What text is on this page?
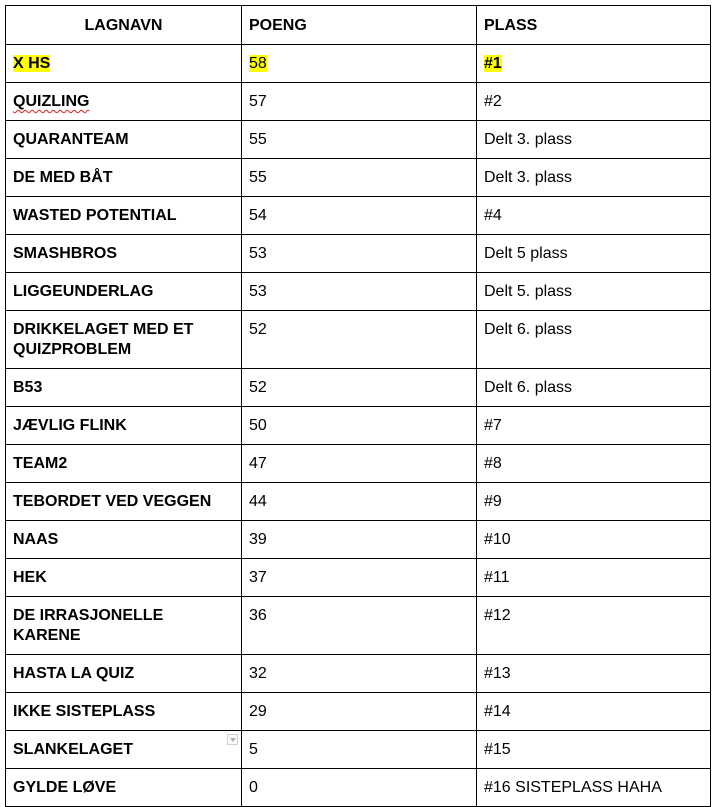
LAGNAVN	POENG	PLASS
X HS	58	#1
QUIZLING	57	#2
QUARANTEAM	55	Delt 3. plass
DE MED BÅT	55	Delt 3. plass
WASTED POTENTIAL	54	#4
SMASHBROS	53	Delt 5 plass
LIGGEUNDERLAG	53	Delt 5. plass
DRIKKELAGET MED ET QUIZPROBLEM	52	Delt 6. plass
B53	52	Delt 6. plass
JÆVLIG FLINK	50	#7
TEAM2	47	#8
TEBORDET VED VEGGEN	44	#9
NAAS	39	#10
HEK	37	#11
DE IRRASJONELLE KARENE	36	#12
HASTA LA QUIZ	32	#13
IKKE SISTEPLASS	29	#14
SLANKELAGET	5	#15
GYLDE LØVE	0	#16 SISTEPLASS HAHA
